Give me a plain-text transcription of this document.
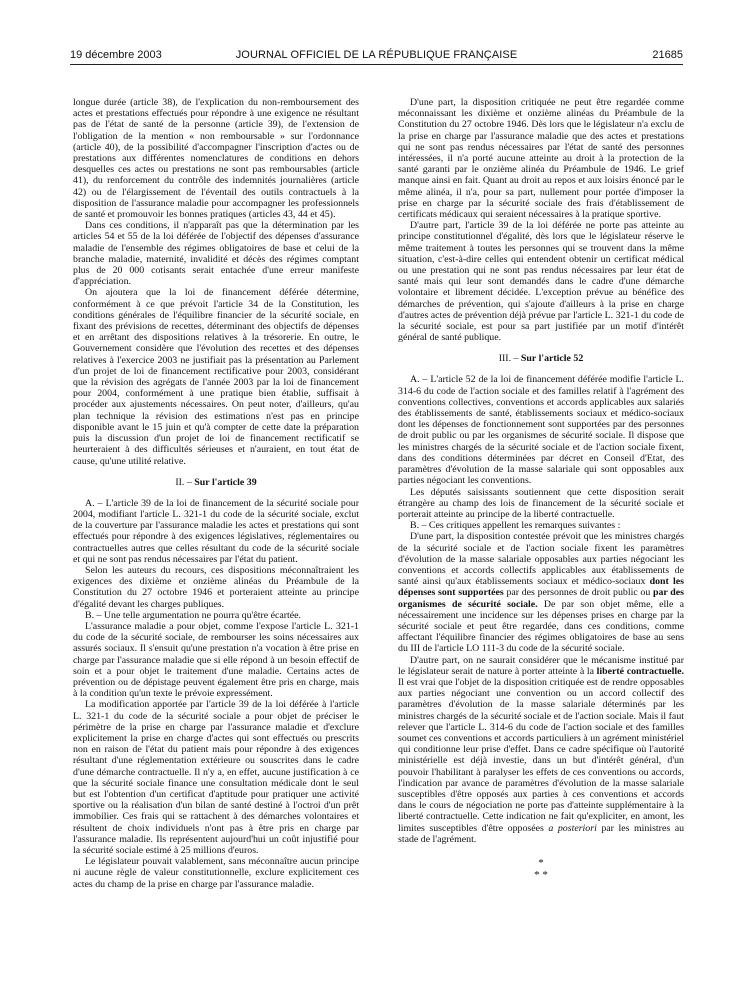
19 décembre 2003	JOURNAL OFFICIEL DE LA RÉPUBLIQUE FRANÇAISE	21685

longue durée (article 38), de l'explication du non-remboursement des actes et prestations effectués pour répondre à une exigence ne résultant pas de l'état de santé de la personne (article 39), de l'extension de l'obligation de la mention « non remboursable » sur l'ordonnance (article 40), de la possibilité d'accompagner l'inscription d'actes ou de prestations aux différentes nomenclatures de conditions en dehors desquelles ces actes ou prestations ne sont pas remboursables (article 41), du renforcement du contrôle des indemnités journalières (article 42) ou de l'élargissement de l'éventail des outils contractuels à la disposition de l'assurance maladie pour accompagner les professionnels de santé et promouvoir les bonnes pratiques (articles 43, 44 et 45).

Dans ces conditions, il n'apparaît pas que la détermination par les articles 54 et 55 de la loi déférée de l'objectif des dépenses d'assurance maladie de l'ensemble des régimes obligatoires de base et celui de la branche maladie, maternité, invalidité et décès des régimes comptant plus de 20 000 cotisants serait entachée d'une erreur manifeste d'appréciation.

On ajoutera que la loi de financement déférée détermine, conformément à ce que prévoit l'article 34 de la Constitution, les conditions générales de l'équilibre financier de la sécurité sociale, en fixant des prévisions de recettes, déterminant des objectifs de dépenses et en arrêtant des dispositions relatives à la trésorerie. En outre, le Gouvernement considère que l'évolution des recettes et des dépenses relatives à l'exercice 2003 ne justifiait pas la présentation au Parlement d'un projet de loi de financement rectificative pour 2003, considérant que la révision des agrégats de l'année 2003 par la loi de financement pour 2004, conformément à une pratique bien établie, suffisait à procéder aux ajustements nécessaires. On peut noter, d'ailleurs, qu'au plan technique la révision des estimations n'est pas en principe disponible avant le 15 juin et qu'à compter de cette date la préparation puis la discussion d'un projet de loi de financement rectificatif se heurteraient à des difficultés sérieuses et n'auraient, en tout état de cause, qu'une utilité relative.

II. – Sur l'article 39

A. – L'article 39 de la loi de financement de la sécurité sociale pour 2004, modifiant l'article L. 321-1 du code de la sécurité sociale, exclut de la couverture par l'assurance maladie les actes et prestations qui sont effectués pour répondre à des exigences législatives, réglementaires ou contractuelles autres que celles résultant du code de la sécurité sociale et qui ne sont pas rendus nécessaires par l'état du patient.

Selon les auteurs du recours, ces dispositions méconnaîtraient les exigences des dixième et onzième alinéas du Préambule de la Constitution du 27 octobre 1946 et porteraient atteinte au principe d'égalité devant les charges publiques.

B. – Une telle argumentation ne pourra qu'être écartée.

L'assurance maladie a pour objet, comme l'expose l'article L. 321-1 du code de la sécurité sociale, de rembourser les soins nécessaires aux assurés sociaux. Il s'ensuit qu'une prestation n'a vocation à être prise en charge par l'assurance maladie que si elle répond à un besoin effectif de soin et a pour objet le traitement d'une maladie. Certains actes de prévention ou de dépistage peuvent également être pris en charge, mais à la condition qu'un texte le prévoie expressément.

La modification apportée par l'article 39 de la loi déférée à l'article L. 321-1 du code de la sécurité sociale a pour objet de préciser le périmètre de la prise en charge par l'assurance maladie et d'exclure explicitement la prise en charge d'actes qui sont effectués ou prescrits non en raison de l'état du patient mais pour répondre à des exigences résultant d'une réglementation extérieure ou souscrites dans le cadre d'une démarche contractuelle. Il n'y a, en effet, aucune justification à ce que la sécurité sociale finance une consultation médicale dont le seul but est l'obtention d'un certificat d'aptitude pour pratiquer une activité sportive ou la réalisation d'un bilan de santé destiné à l'octroi d'un prêt immobilier. Ces frais qui se rattachent à des démarches volontaires et résultent de choix individuels n'ont pas à être pris en charge par l'assurance maladie. Ils représentent aujourd'hui un coût injustifié pour la sécurité sociale estimé à 25 millions d'euros.

Le législateur pouvait valablement, sans méconnaître aucun principe ni aucune règle de valeur constitutionnelle, exclure explicitement ces actes du champ de la prise en charge par l'assurance maladie.

D'une part, la disposition critiquée ne peut être regardée comme méconnaissant les dixième et onzième alinéas du Préambule de la Constitution du 27 octobre 1946. Dès lors que le législateur n'a exclu de la prise en charge par l'assurance maladie que des actes et prestations qui ne sont pas rendus nécessaires par l'état de santé des personnes intéressées, il n'a porté aucune atteinte au droit à la protection de la santé garanti par le onzième alinéa du Préambule de 1946. Le grief manque ainsi en fait. Quant au droit au repos et aux loisirs énoncé par le même alinéa, il n'a, pour sa part, nullement pour portée d'imposer la prise en charge par la sécurité sociale des frais d'établissement de certificats médicaux qui seraient nécessaires à la pratique sportive.

D'autre part, l'article 39 de la loi déférée ne porte pas atteinte au principe constitutionnel d'égalité, dès lors que le législateur réserve le même traitement à toutes les personnes qui se trouvent dans la même situation, c'est-à-dire celles qui entendent obtenir un certificat médical ou une prestation qui ne sont pas rendus nécessaires par leur état de santé mais qui leur sont demandés dans le cadre d'une démarche volontaire et librement décidée. L'exception prévue au bénéfice des démarches de prévention, qui s'ajoute d'ailleurs à la prise en charge d'autres actes de prévention déjà prévue par l'article L. 321-1 du code de la sécurité sociale, est pour sa part justifiée par un motif d'intérêt général de santé publique.

III. – Sur l'article 52

A. – L'article 52 de la loi de financement déférée modifie l'article L. 314-6 du code de l'action sociale et des familles relatif à l'agrément des conventions collectives, conventions et accords applicables aux salariés des établissements de santé, établissements sociaux et médico-sociaux dont les dépenses de fonctionnement sont supportées par des personnes de droit public ou par les organismes de sécurité sociale. Il dispose que les ministres chargés de la sécurité sociale et de l'action sociale fixent, dans des conditions déterminées par décret en Conseil d'Etat, des paramètres d'évolution de la masse salariale qui sont opposables aux parties négociant les conventions.

Les députés saisissants soutiennent que cette disposition serait étrangère au champ des lois de financement de la sécurité sociale et porterait atteinte au principe de la liberté contractuelle.

B. – Ces critiques appellent les remarques suivantes :

D'une part, la disposition contestée prévoit que les ministres chargés de la sécurité sociale et de l'action sociale fixent les paramètres d'évolution de la masse salariale opposables aux parties négociant les conventions et accords collectifs applicables aux établissements de santé ainsi qu'aux établissements sociaux et médico-sociaux dont les dépenses sont supportées par des personnes de droit public ou par des organismes de sécurité sociale. De par son objet même, elle a nécessairement une incidence sur les dépenses prises en charge par la sécurité sociale et peut être regardée, dans ces conditions, comme affectant l'équilibre financier des régimes obligatoires de base au sens du III de l'article LO 111-3 du code de la sécurité sociale.

D'autre part, on ne saurait considérer que le mécanisme institué par le législateur serait de nature à porter atteinte à la liberté contractuelle. Il est vrai que l'objet de la disposition critiquée est de rendre opposables aux parties négociant une convention ou un accord collectif des paramètres d'évolution de la masse salariale déterminés par les ministres chargés de la sécurité sociale et de l'action sociale. Mais il faut relever que l'article L. 314-6 du code de l'action sociale et des familles soumet ces conventions et accords particuliers à un agrément ministériel qui conditionne leur prise d'effet. Dans ce cadre spécifique où l'autorité ministérielle est déjà investie, dans un but d'intérêt général, d'un pouvoir l'habilitant à paralyser les effets de ces conventions ou accords, l'indication par avance de paramètres d'évolution de la masse salariale susceptibles d'être opposés aux parties à ces conventions et accords dans le cours de négociation ne porte pas d'atteinte supplémentaire à la liberté contractuelle. Cette indication ne fait qu'expliciter, en amont, les limites susceptibles d'être opposées a posteriori par les ministres au stade de l'agrément.

*
* *
